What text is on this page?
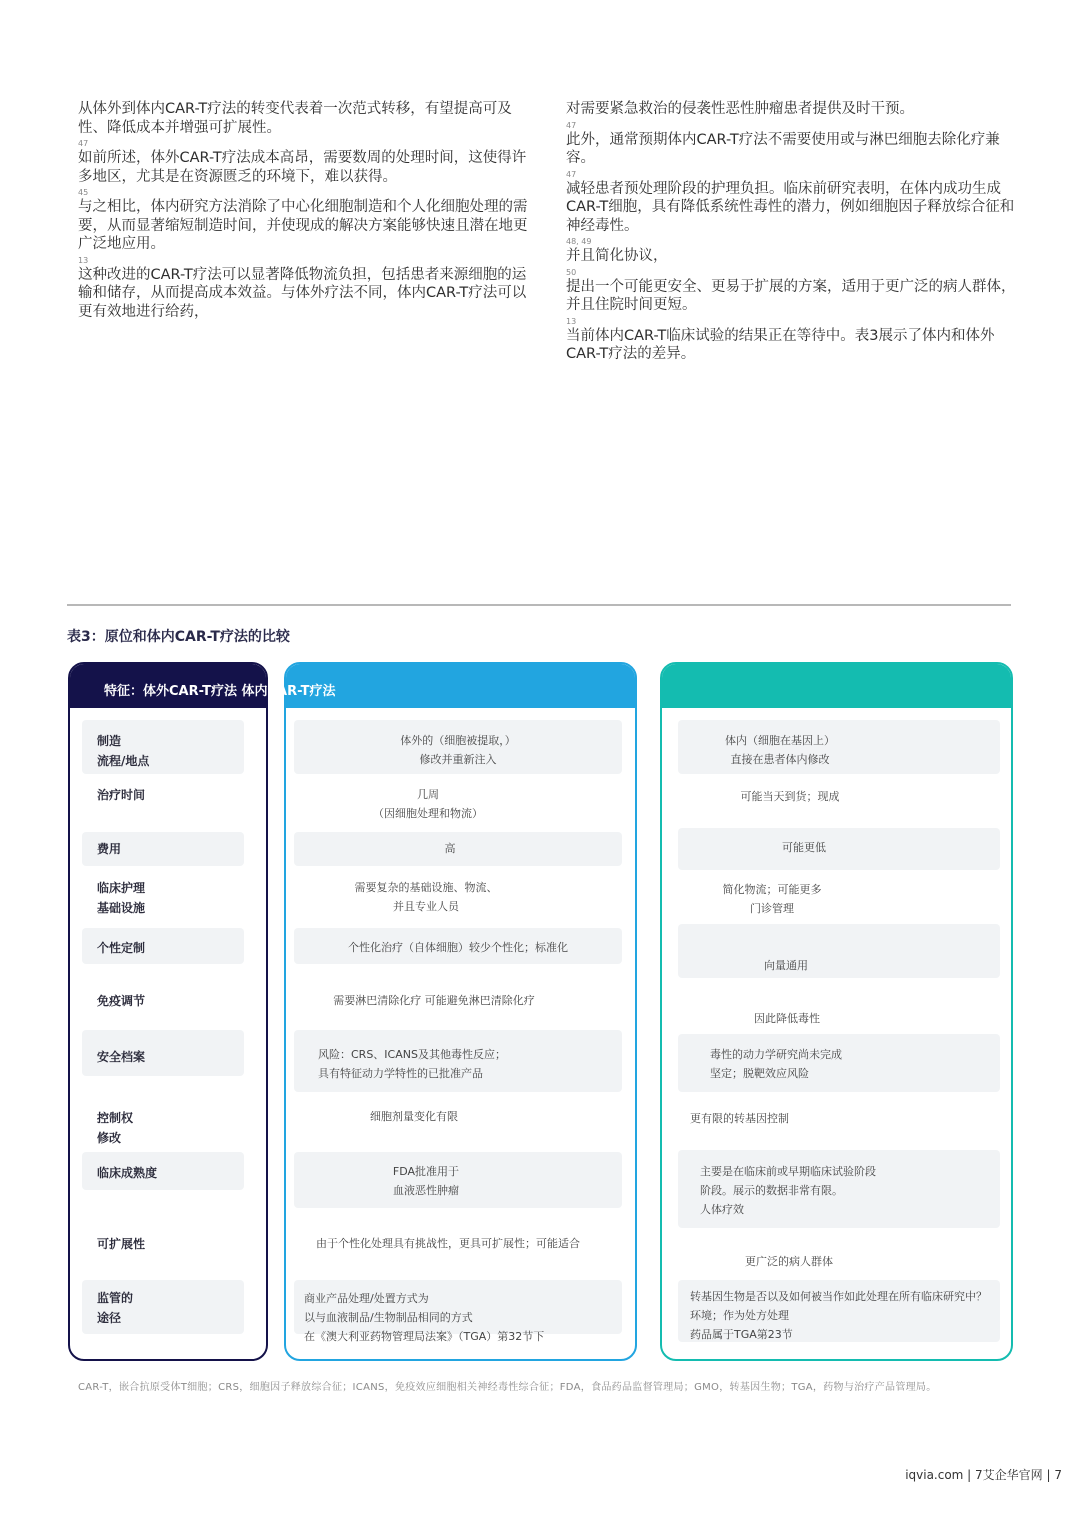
从体外到体内CAR-T疗法的转变代表着一次范式转移，有望提高可及性、降低成本并增强可扩展性。

47

如前所述，体外CAR-T疗法成本高昂，需要数周的处理时间，这使得许多地区，尤其是在资源匮乏的环境下，难以获得。

45

与之相比，体内研究方法消除了中心化细胞制造和个人化细胞处理的需要，从而显著缩短制造时间，并使现成的解决方案能够快速且潜在地更广泛地应用。

13

这种改进的CAR-T疗法可以显著降低物流负担，包括患者来源细胞的运输和储存，从而提高成本效益。与体外疗法不同，体内CAR-T疗法可以更有效地进行给药，

对需要紧急救治的侵袭性恶性肿瘤患者提供及时干预。

47

此外，通常预期体内CAR-T疗法不需要使用或与淋巴细胞去除化疗兼容。

47

减轻患者预处理阶段的护理负担。临床前研究表明，在体内成功生成CAR-T细胞，具有降低系统性毒性的潜力，例如细胞因子释放综合征和神经毒性。

48, 49

并且简化协议，

50

提出一个可能更安全、更易于扩展的方案，适用于更广泛的病人群体，并且住院时间更短。

13

当前体内CAR-T临床试验的结果正在等待中。表3展示了体内和体外CAR-T疗法的差异。

表3：原位和体内CAR-T疗法的比较
特征：体外CAR-T疗法 体内CAR-T疗法
制造
流程/地点
治疗时间
费用
临床护理
基础设施
个性定制
免疫调节
安全档案
控制权
修改
临床成熟度
可扩展性
监管的
途径
体外的（细胞被提取，）
修改并重新注入
几周
（因细胞处理和物流）
高
需要复杂的基础设施、物流、
并且专业人员
个性化治疗（自体细胞）较少个性化；标准化
需要淋巴清除化疗 可能避免淋巴清除化疗
风险：CRS、ICANS及其他毒性反应；
具有特征动力学特性的已批准产品
细胞剂量变化有限
FDA批准用于
血液恶性肿瘤
由于个性化处理具有挑战性，更具可扩展性；可能适合
商业产品处理/处置方式为
以与血液制品/生物制品相同的方式
在《澳大利亚药物管理局法案》（TGA）第32节下
体内（细胞在基因上）
直接在患者体内修改
可能当天到货；现成
可能更低
简化物流；可能更多
门诊管理
向量通用
因此降低毒性
毒性的动力学研究尚未完成
坚定；脱靶效应风险
更有限的转基因控制
主要是在临床前或早期临床试验阶段
阶段。展示的数据非常有限。
人体疗效
更广泛的病人群体
转基因生物是否以及如何被当作如此处理在所有临床研究中？
环境；作为处方处理
药品属于TGA第23节
CAR-T，嵌合抗原受体T细胞；CRS，细胞因子释放综合征；ICANS，免疫效应细胞相关神经毒性综合征；FDA，食品药品监督管理局；GMO，转基因生物；TGA，药物与治疗产品管理局。
iqvia.com | 7艾企华官网 | 7
